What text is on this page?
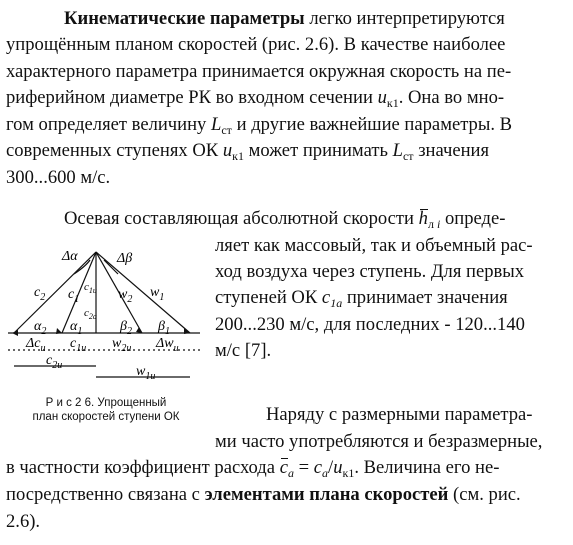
Кинематические параметры легко интерпретируются
упрощённым планом скоростей (рис. 2.6). В качестве наиболее
характерного параметра принимается окружная скорость на пе-
риферийном диаметре РК во входном сечении $u_{к1}$. Она во мно-
гом определяет величину $L_{ст}$ и другие важнейшие параметры. В
современных ступенях ОК $u_{к1}$ может принимать $L_{ст}$ значения
300...600 м/с.
Осевая составляющая абсолютной скорости $h_{л i}$ опреде-
ляет как массовый, так и объемный рас-
ход воздуха через ступень. Для первых
ступеней ОК $c_{1a}$ принимает значения
200...230 м/с, для последних - 120...140
м/с [7].
Δα	Δβ
$c_2$ $c_1$
$c_{1u}$
$c_{2a}$
$w_2$ $w_1$
$\alpha_2$ $\alpha_1$	$\beta_2$ $\beta_1$
$\Delta c_u$ $c_{1u}$ $w_{2u}$ $\Delta w_u$
$c_{2u}$	$w_{1u}$
Р и с 2 6. Упрощенный
план скоростей ступени ОК	Наряду с размерными параметра-
ми часто употребляются и безразмерные,
в частности коэффициент расхода $c_a = c_a/u_{к1}$. Величина его не-
посредственно связана с элементами плана скоростей (см. рис.
2.6).
